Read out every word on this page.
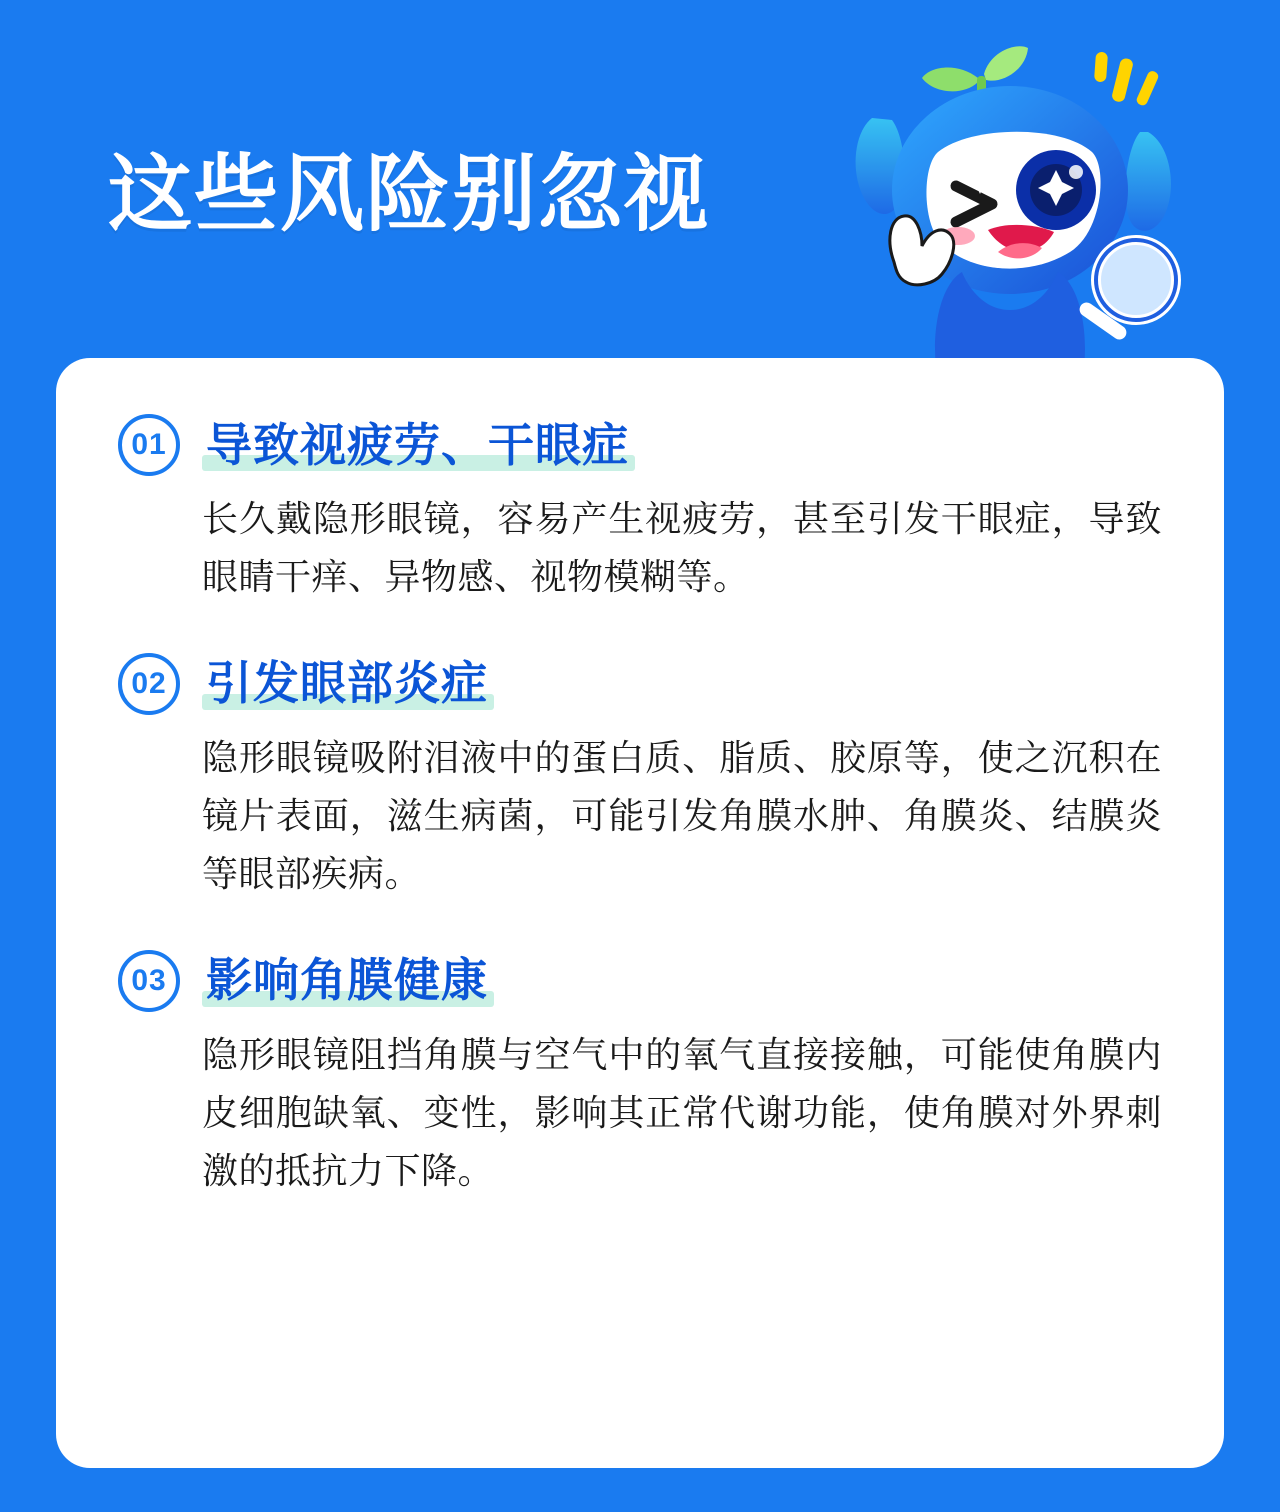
这些风险别忽视
01 导致视疲劳、干眼症
长久戴隐形眼镜，容易产生视疲劳，甚至引发干眼症，导致眼睛干痒、异物感、视物模糊等。
02 引发眼部炎症
隐形眼镜吸附泪液中的蛋白质、脂质、胶原等，使之沉积在镜片表面，滋生病菌，可能引发角膜水肿、角膜炎、结膜炎等眼部疾病。
03 影响角膜健康
隐形眼镜阻挡角膜与空气中的氧气直接接触，可能使角膜内皮细胞缺氧、变性，影响其正常代谢功能，使角膜对外界刺激的抵抗力下降。
